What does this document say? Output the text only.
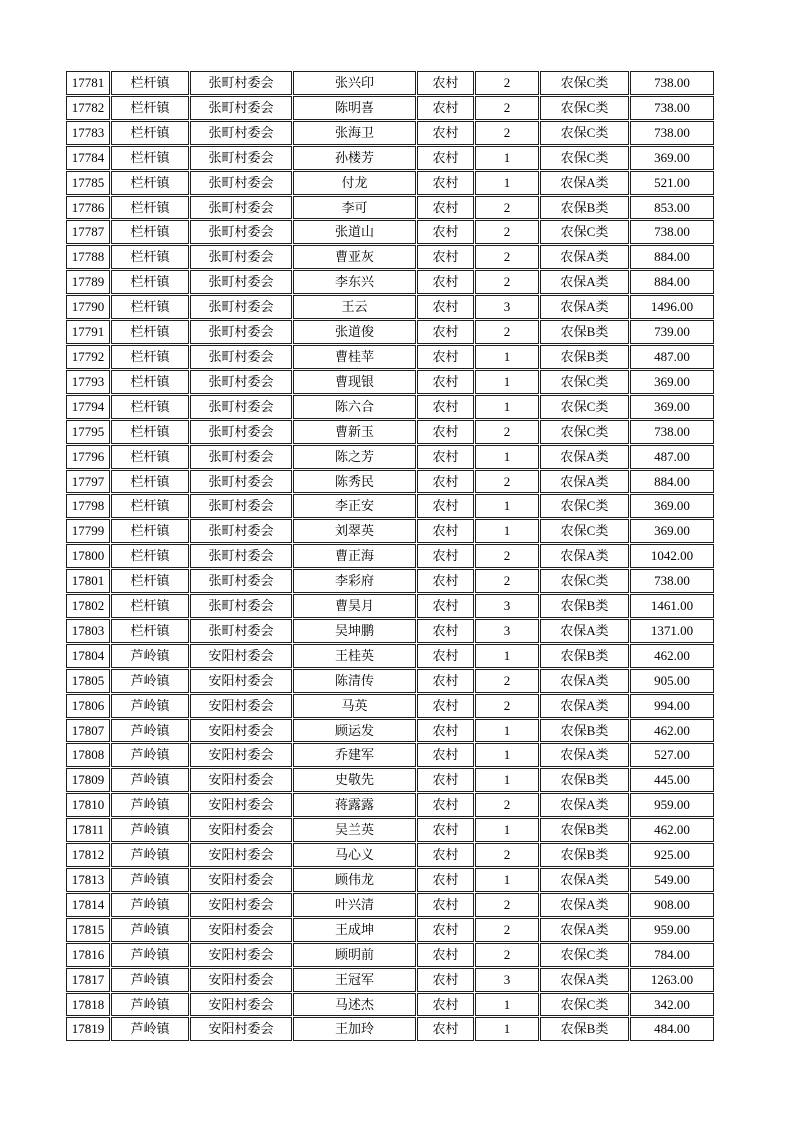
17781	栏杆镇	张町村委会	张兴印	农村	2	农保C类	738.00
17782	栏杆镇	张町村委会	陈明喜	农村	2	农保C类	738.00
17783	栏杆镇	张町村委会	张海卫	农村	2	农保C类	738.00
17784	栏杆镇	张町村委会	孙楼芳	农村	1	农保C类	369.00
17785	栏杆镇	张町村委会	付龙	农村	1	农保A类	521.00
17786	栏杆镇	张町村委会	李可	农村	2	农保B类	853.00
17787	栏杆镇	张町村委会	张道山	农村	2	农保C类	738.00
17788	栏杆镇	张町村委会	曹亚灰	农村	2	农保A类	884.00
17789	栏杆镇	张町村委会	李东兴	农村	2	农保A类	884.00
17790	栏杆镇	张町村委会	王云	农村	3	农保A类	1496.00
17791	栏杆镇	张町村委会	张道俊	农村	2	农保B类	739.00
17792	栏杆镇	张町村委会	曹桂苹	农村	1	农保B类	487.00
17793	栏杆镇	张町村委会	曹现银	农村	1	农保C类	369.00
17794	栏杆镇	张町村委会	陈六合	农村	1	农保C类	369.00
17795	栏杆镇	张町村委会	曹新玉	农村	2	农保C类	738.00
17796	栏杆镇	张町村委会	陈之芳	农村	1	农保A类	487.00
17797	栏杆镇	张町村委会	陈秀民	农村	2	农保A类	884.00
17798	栏杆镇	张町村委会	李正安	农村	1	农保C类	369.00
17799	栏杆镇	张町村委会	刘翠英	农村	1	农保C类	369.00
17800	栏杆镇	张町村委会	曹正海	农村	2	农保A类	1042.00
17801	栏杆镇	张町村委会	李彩府	农村	2	农保C类	738.00
17802	栏杆镇	张町村委会	曹昊月	农村	3	农保B类	1461.00
17803	栏杆镇	张町村委会	吴坤鹏	农村	3	农保A类	1371.00
17804	芦岭镇	安阳村委会	王桂英	农村	1	农保B类	462.00
17805	芦岭镇	安阳村委会	陈清传	农村	2	农保A类	905.00
17806	芦岭镇	安阳村委会	马英	农村	2	农保A类	994.00
17807	芦岭镇	安阳村委会	顾运发	农村	1	农保B类	462.00
17808	芦岭镇	安阳村委会	乔建军	农村	1	农保A类	527.00
17809	芦岭镇	安阳村委会	史敬先	农村	1	农保B类	445.00
17810	芦岭镇	安阳村委会	蒋露露	农村	2	农保A类	959.00
17811	芦岭镇	安阳村委会	吴兰英	农村	1	农保B类	462.00
17812	芦岭镇	安阳村委会	马心义	农村	2	农保B类	925.00
17813	芦岭镇	安阳村委会	顾伟龙	农村	1	农保A类	549.00
17814	芦岭镇	安阳村委会	叶兴清	农村	2	农保A类	908.00
17815	芦岭镇	安阳村委会	王成坤	农村	2	农保A类	959.00
17816	芦岭镇	安阳村委会	顾明前	农村	2	农保C类	784.00
17817	芦岭镇	安阳村委会	王冠军	农村	3	农保A类	1263.00
17818	芦岭镇	安阳村委会	马述杰	农村	1	农保C类	342.00
17819	芦岭镇	安阳村委会	王加玲	农村	1	农保B类	484.00
